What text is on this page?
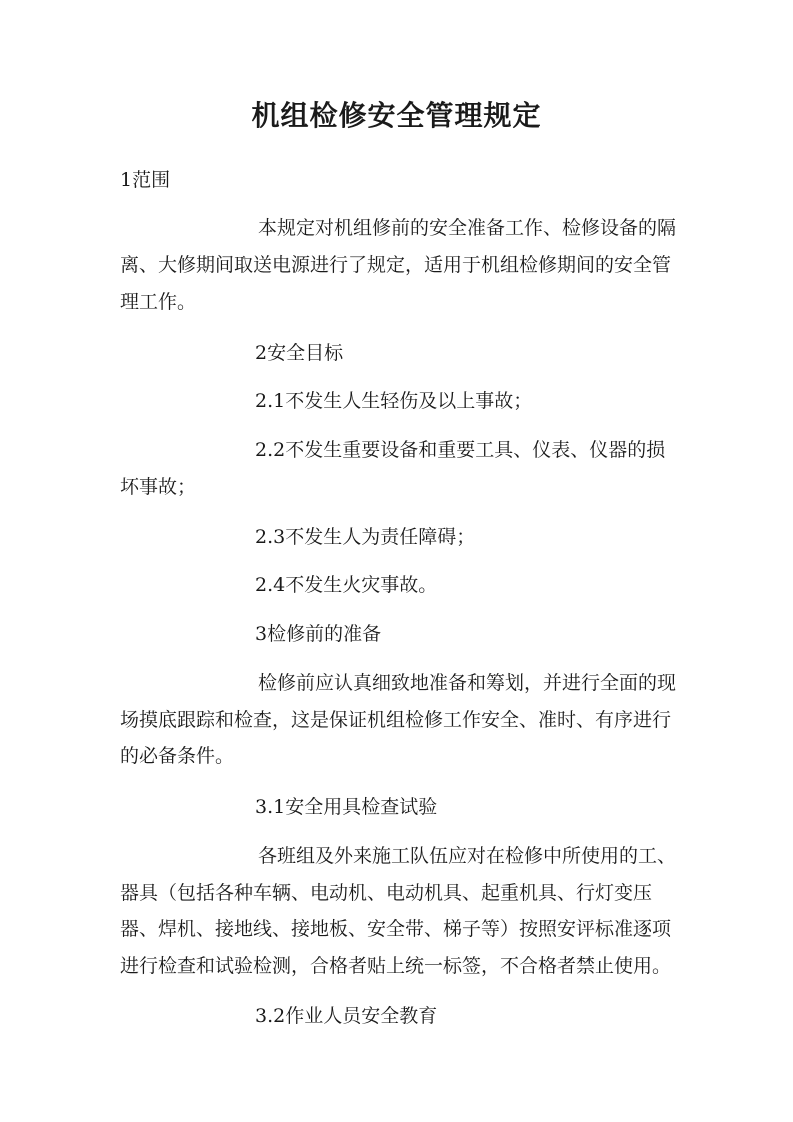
机组检修安全管理规定
1范围
本规定对机组修前的安全准备工作、检修设备的隔
离、大修期间取送电源进行了规定，适用于机组检修期间的安全管
理工作。
2安全目标
2.1不发生人生轻伤及以上事故；
2.2不发生重要设备和重要工具、仪表、仪器的损
坏事故；
2.3不发生人为责任障碍；
2.4不发生火灾事故。
3检修前的准备
检修前应认真细致地准备和筹划，并进行全面的现
场摸底跟踪和检查，这是保证机组检修工作安全、准时、有序进行
的必备条件。
3.1安全用具检查试验
各班组及外来施工队伍应对在检修中所使用的工、
器具（包括各种车辆、电动机、电动机具、起重机具、行灯变压
器、焊机、接地线、接地板、安全带、梯子等）按照安评标准逐项
进行检查和试验检测，合格者贴上统一标签，不合格者禁止使用。
3.2作业人员安全教育
